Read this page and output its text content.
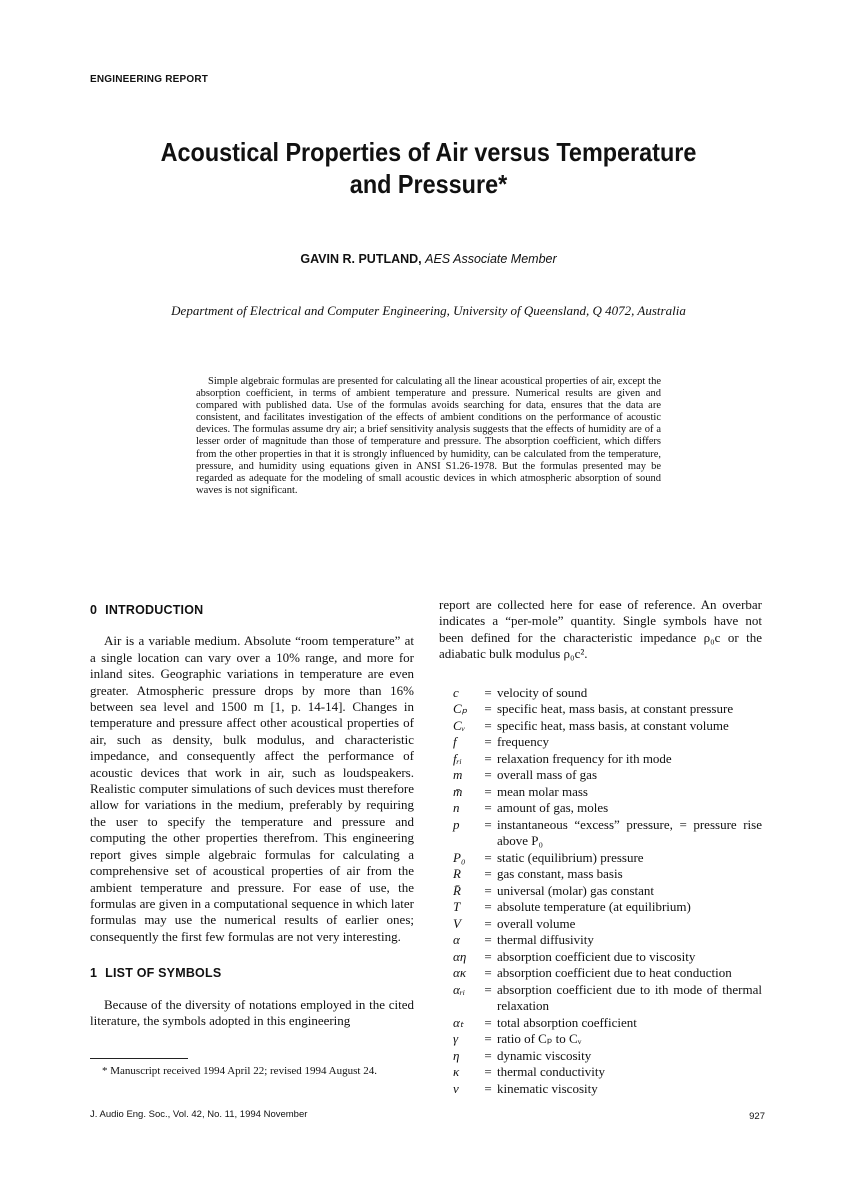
ENGINEERING REPORT
Acoustical Properties of Air versus Temperature
and Pressure*
GAVIN R. PUTLAND, AES Associate Member
Department of Electrical and Computer Engineering, University of Queensland, Q 4072, Australia

Simple algebraic formulas are presented for calculating all the linear acoustical properties of air, except the absorption coefficient, in terms of ambient temperature and pressure. Numerical results are given and compared with published data. Use of the formulas avoids searching for data, ensures that the data are consistent, and facilitates investigation of the effects of ambient conditions on the performance of acoustic devices. The formulas assume dry air; a brief sensitivity analysis suggests that the effects of humidity are of a lesser order of magnitude than those of temperature and pressure. The absorption coefficient, which differs from the other properties in that it is strongly influenced by humidity, can be calculated from the temperature, pressure, and humidity using equations given in ANSI S1.26-1978. But the formulas presented may be regarded as adequate for the modeling of small acoustic devices in which atmospheric absorption of sound waves is not significant.

0 INTRODUCTION

Air is a variable medium. Absolute “room temperature” at a single location can vary over a 10% range, and more for inland sites. Geographic variations in temperature are even greater. Atmospheric pressure drops by more than 16% between sea level and 1500 m [1, p. 14-14]. Changes in temperature and pressure affect other acoustical properties of air, such as density, bulk modulus, and characteristic impedance, and consequently affect the performance of acoustic devices that work in air, such as loudspeakers. Realistic computer simulations of such devices must therefore allow for variations in the medium, preferably by requiring the user to specify the temperature and pressure and computing the other properties therefrom. This engineering report gives simple algebraic formulas for calculating a comprehensive set of acoustical properties of air from the ambient temperature and pressure. For ease of use, the formulas are given in a computational sequence in which later formulas may use the numerical results of earlier ones; consequently the first few formulas are not very interesting.

1 LIST OF SYMBOLS

Because of the diversity of notations employed in the cited literature, the symbols adopted in this engineering

* Manuscript received 1994 April 22; revised 1994 August 24.

report are collected here for ease of reference. An overbar indicates a “per-mole” quantity. Single symbols have not been defined for the characteristic impedance ρ₀c or the adiabatic bulk modulus ρ₀c².

c	= velocity of sound
Cₚ	= specific heat, mass basis, at constant pressure
Cᵥ	= specific heat, mass basis, at constant volume
f	= frequency
fᵣᵢ	= relaxation frequency for ith mode
m	= overall mass of gas
m̄	= mean molar mass
n	= amount of gas, moles
p	= instantaneous “excess” pressure, = pressure rise above P₀
P₀	= static (equilibrium) pressure
R	= gas constant, mass basis
R̄	= universal (molar) gas constant
T	= absolute temperature (at equilibrium)
V	= overall volume
α	= thermal diffusivity
αη	= absorption coefficient due to viscosity
ακ	= absorption coefficient due to heat conduction
αᵣᵢ	= absorption coefficient due to ith mode of thermal relaxation
αₜ	= total absorption coefficient
γ	= ratio of Cₚ to Cᵥ
η	= dynamic viscosity
κ	= thermal conductivity
ν	= kinematic viscosity
J. Audio Eng. Soc., Vol. 42, No. 11, 1994 November	927
